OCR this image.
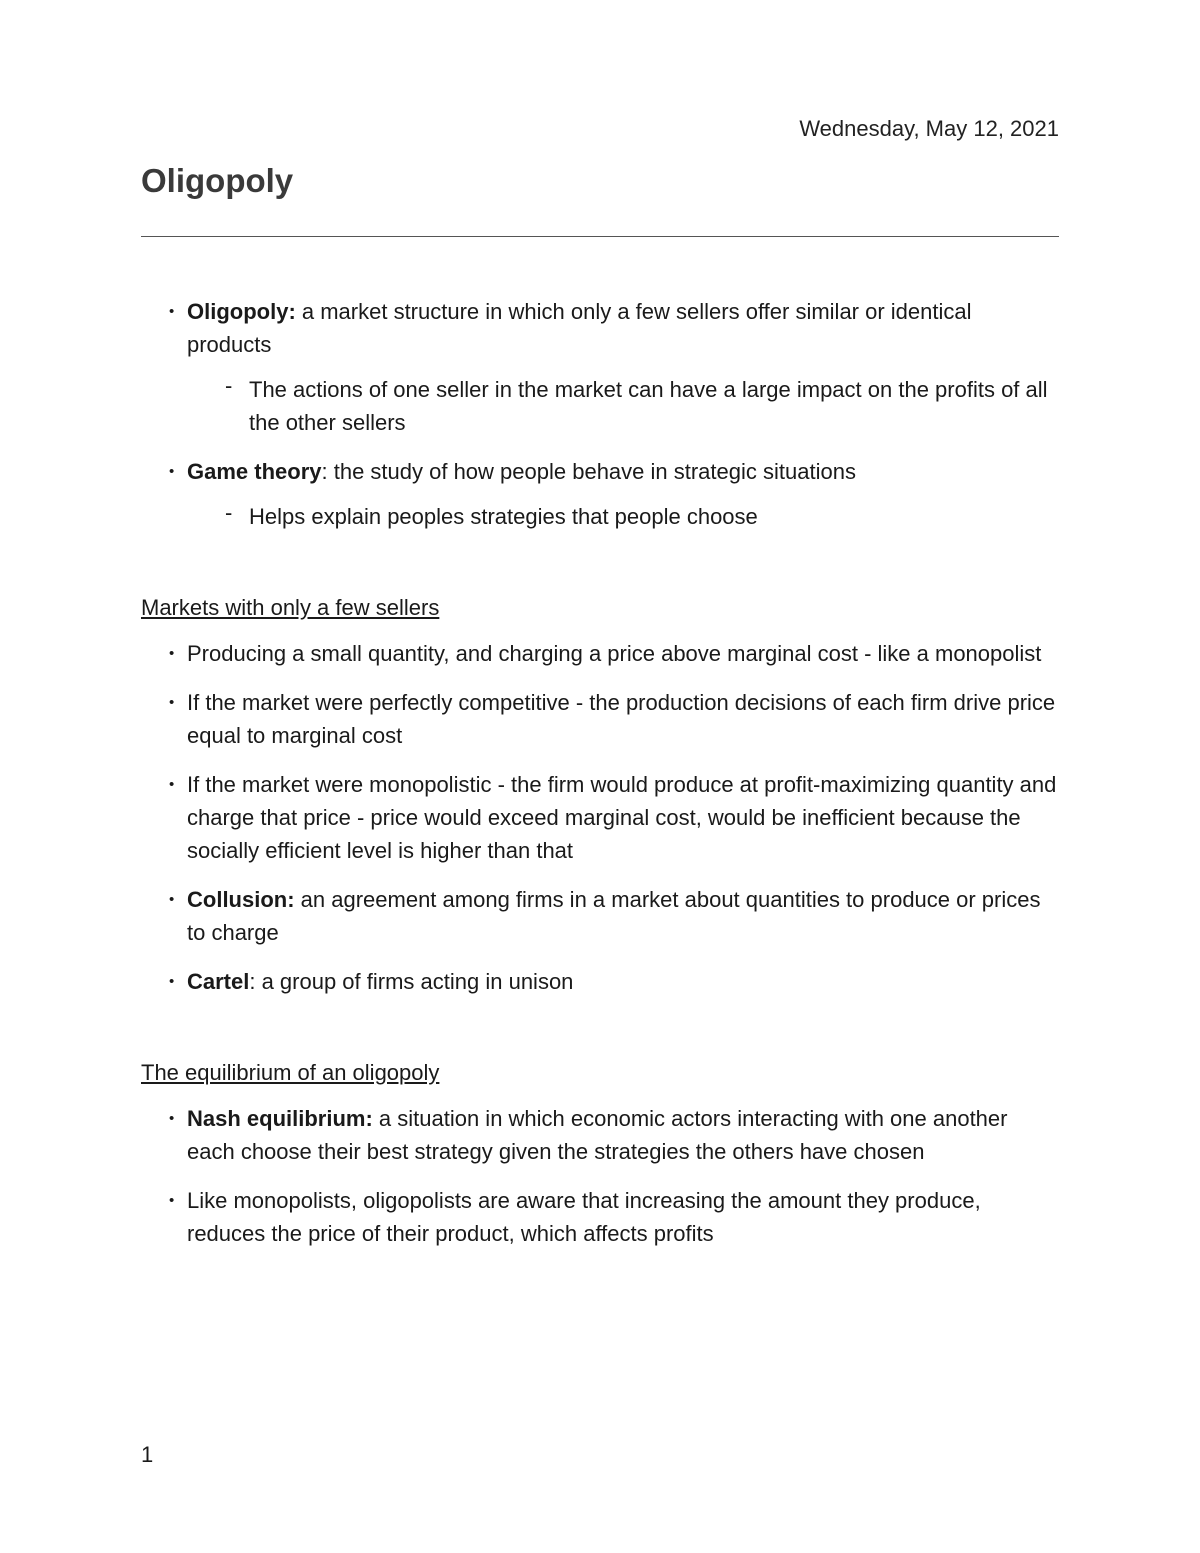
Wednesday, May 12, 2021
Oligopoly
• Oligopoly: a market structure in which only a few sellers offer similar or identical products
- The actions of one seller in the market can have a large impact on the profits of all the other sellers
• Game theory: the study of how people behave in strategic situations
- Helps explain peoples strategies that people choose

Markets with only a few sellers

• Producing a small quantity, and charging a price above marginal cost - like a monopolist
• If the market were perfectly competitive - the production decisions of each firm drive price equal to marginal cost
• If the market were monopolistic - the firm would produce at profit-maximizing quantity and charge that price - price would exceed marginal cost, would be inefficient because the socially efficient level is higher than that
• Collusion: an agreement among firms in a market about quantities to produce or prices to charge
• Cartel: a group of firms acting in unison

The equilibrium of an oligopoly

• Nash equilibrium: a situation in which economic actors interacting with one another each choose their best strategy given the strategies the others have chosen
• Like monopolists, oligopolists are aware that increasing the amount they produce, reduces the price of their product, which affects profits
1
